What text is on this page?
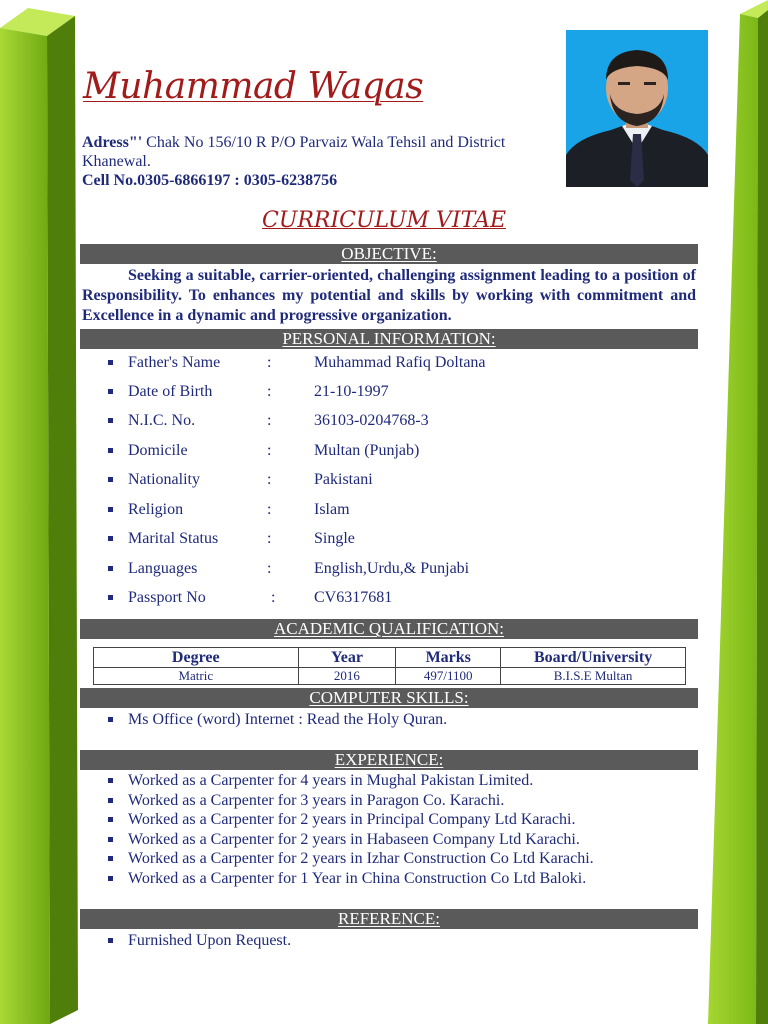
Muhammad Waqas
Adress"' Chak No 156/10 R P/O Parvaiz Wala Tehsil and District Khanewal.
Cell No.0305-6866197 : 0305-6238756
CURRICULUM VITAE
OBJECTIVE:

Seeking a suitable, carrier-oriented, challenging assignment leading to a position of Responsibility. To enhances my potential and skills by working with commitment and Excellence in a dynamic and progressive organization.

PERSONAL INFORMATION:
Father's Name	:	Muhammad Rafiq Doltana
Date of Birth	:	21-10-1997
N.I.C. No.	:	36103-0204768-3
Domicile	:	Multan (Punjab)
Nationality	:	Pakistani
Religion	:	Islam
Marital Status	:	Single
Languages	:	English,Urdu,& Punjabi
Passport No	: CV6317681
ACADEMIC QUALIFICATION:
Degree	Year	Marks	Board/University
Matric	2016	497/1100	B.I.S.E Multan
COMPUTER SKILLS:
Ms Office (word) Internet : Read the Holy Quran.
EXPERIENCE:
Worked as a Carpenter for 4 years in Mughal Pakistan Limited.
Worked as a Carpenter for 3 years in Paragon Co. Karachi.
Worked as a Carpenter for 2 years in Principal Company Ltd Karachi.
Worked as a Carpenter for 2 years in Habaseen Company Ltd Karachi.
Worked as a Carpenter for 2 years in Izhar Construction Co Ltd Karachi.
Worked as a Carpenter for 1 Year in China Construction Co Ltd Baloki.
REFERENCE:
Furnished Upon Request.
